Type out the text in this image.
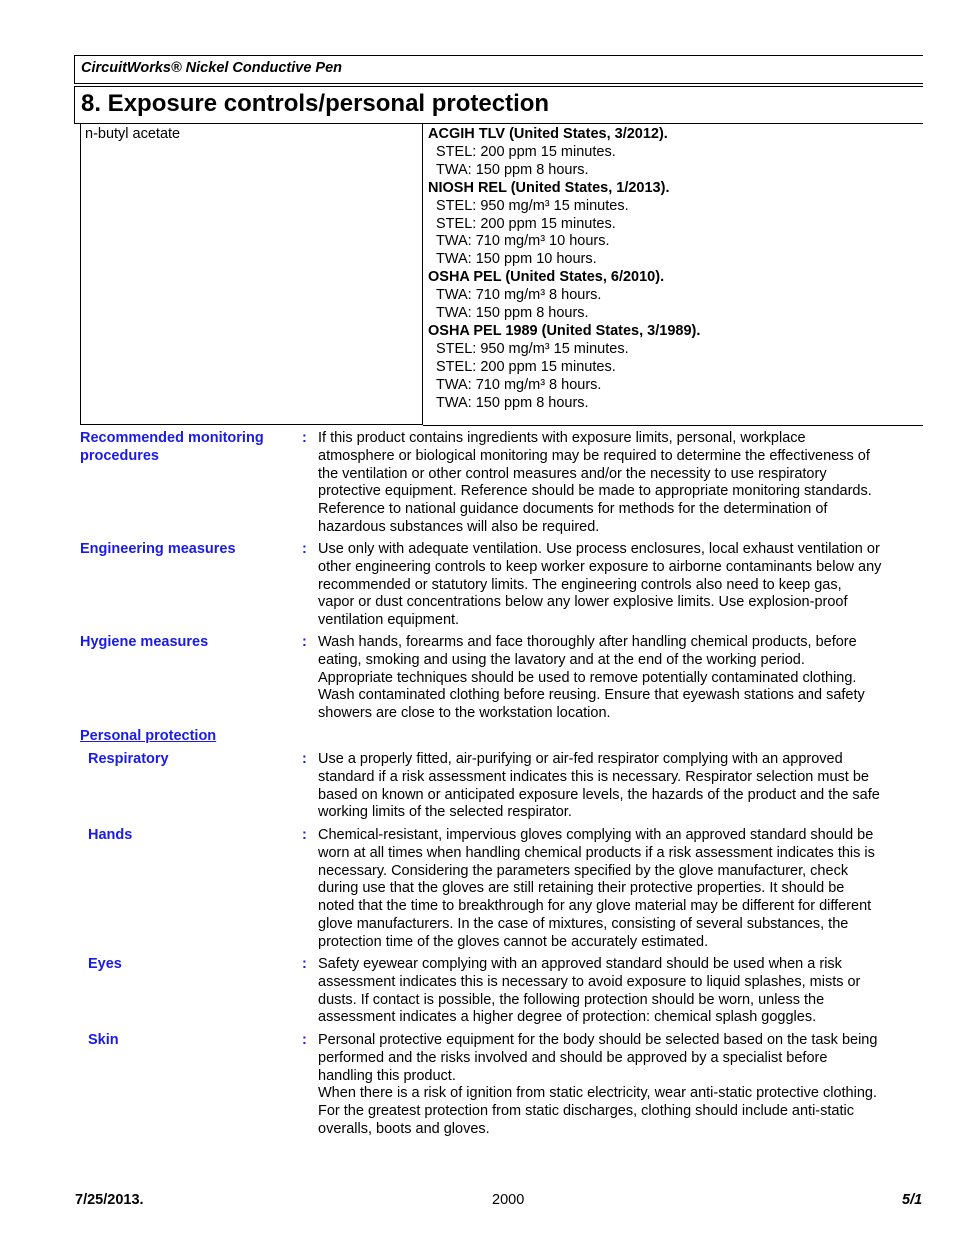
CircuitWorks® Nickel Conductive Pen
8. Exposure controls/personal protection
n-butyl acetate	ACGIH TLV (United States, 3/2012).
STEL: 200 ppm 15 minutes.
TWA: 150 ppm 8 hours.
NIOSH REL (United States, 1/2013).
STEL: 950 mg/m³ 15 minutes.
STEL: 200 ppm 15 minutes.
TWA: 710 mg/m³ 10 hours.
TWA: 150 ppm 10 hours.
OSHA PEL (United States, 6/2010).
TWA: 710 mg/m³ 8 hours.
TWA: 150 ppm 8 hours.
OSHA PEL 1989 (United States, 3/1989).
STEL: 950 mg/m³ 15 minutes.
STEL: 200 ppm 15 minutes.
TWA: 710 mg/m³ 8 hours.
TWA: 150 ppm 8 hours.
Recommended monitoring
procedures
: If this product contains ingredients with exposure limits, personal, workplace
atmosphere or biological monitoring may be required to determine the effectiveness of
the ventilation or other control measures and/or the necessity to use respiratory
protective equipment. Reference should be made to appropriate monitoring standards.
Reference to national guidance documents for methods for the determination of
hazardous substances will also be required.
Engineering measures	: Use only with adequate ventilation. Use process enclosures, local exhaust ventilation or
other engineering controls to keep worker exposure to airborne contaminants below any
recommended or statutory limits. The engineering controls also need to keep gas,
vapor or dust concentrations below any lower explosive limits. Use explosion-proof
ventilation equipment.
Hygiene measures	: Wash hands, forearms and face thoroughly after handling chemical products, before
eating, smoking and using the lavatory and at the end of the working period.
Appropriate techniques should be used to remove potentially contaminated clothing.
Wash contaminated clothing before reusing. Ensure that eyewash stations and safety
showers are close to the workstation location.
Personal protection
Respiratory	: Use a properly fitted, air-purifying or air-fed respirator complying with an approved
standard if a risk assessment indicates this is necessary. Respirator selection must be
based on known or anticipated exposure levels, the hazards of the product and the safe
working limits of the selected respirator.
Hands	: Chemical-resistant, impervious gloves complying with an approved standard should be
worn at all times when handling chemical products if a risk assessment indicates this is
necessary. Considering the parameters specified by the glove manufacturer, check
during use that the gloves are still retaining their protective properties. It should be
noted that the time to breakthrough for any glove material may be different for different
glove manufacturers. In the case of mixtures, consisting of several substances, the
protection time of the gloves cannot be accurately estimated.
Eyes	: Safety eyewear complying with an approved standard should be used when a risk
assessment indicates this is necessary to avoid exposure to liquid splashes, mists or
dusts. If contact is possible, the following protection should be worn, unless the
assessment indicates a higher degree of protection: chemical splash goggles.
Skin	: Personal protective equipment for the body should be selected based on the task being
performed and the risks involved and should be approved by a specialist before
handling this product.
When there is a risk of ignition from static electricity, wear anti-static protective clothing.
For the greatest protection from static discharges, clothing should include anti-static
overalls, boots and gloves.
7/25/2013.	2000	5/1
